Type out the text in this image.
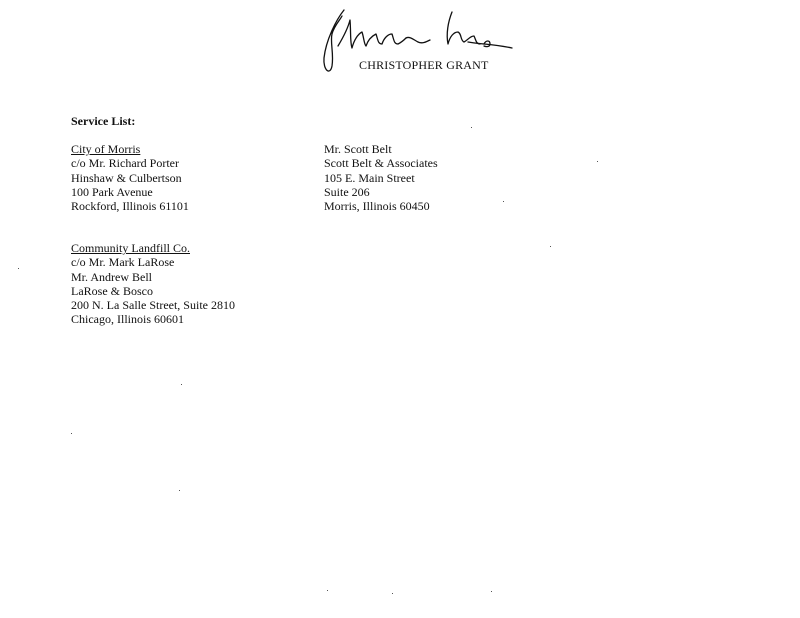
CHRISTOPHER GRANT
Service List:
City of Morris
c/o Mr. Richard Porter
Hinshaw & Culbertson
100 Park Avenue
Rockford, Illinois 61101
Mr. Scott Belt
Scott Belt & Associates
105 E. Main Street
Suite 206
Morris, Illinois 60450
Community Landfill Co.
c/o Mr. Mark LaRose
Mr. Andrew Bell
LaRose & Bosco
200 N. La Salle Street, Suite 2810
Chicago, Illinois 60601
